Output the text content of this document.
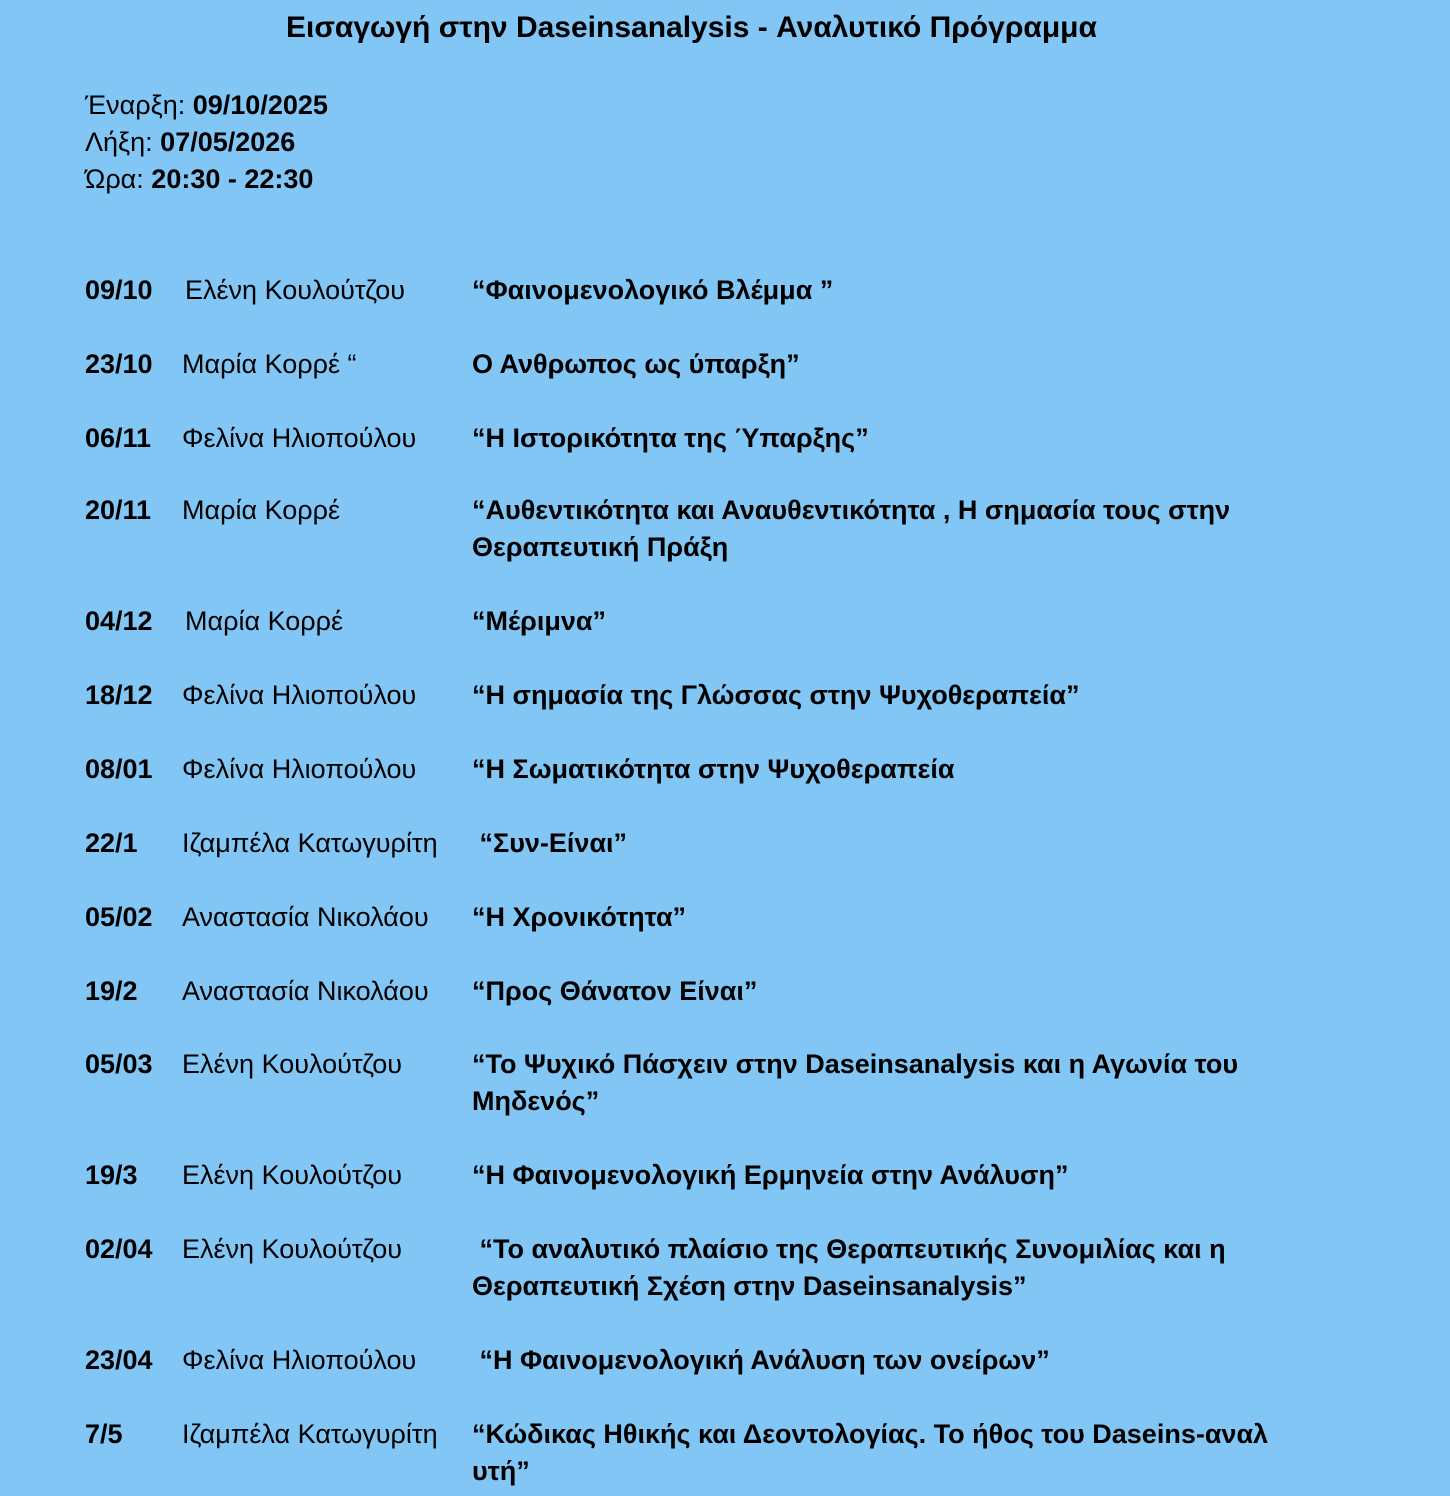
Εισαγωγή στην Daseinsanalysis - Αναλυτικό Πρόγραμμα
Έναρξη: 09/10/2025
Λήξη: 07/05/2026
Ώρα: 20:30 - 22:30
09/10 Ελένη Κουλούτζου “Φαινομενολογικό Βλέμμα ”
23/10 Μαρία Κορρέ “	Ο Ανθρωπος ως ύπαρξη”
06/11 Φελίνα Ηλιοπούλου “Η Ιστορικότητα της Ύπαρξης”
20/11 Μαρία Κορρέ	“Αυθεντικότητα και Αναυθεντικότητα , Η σημασία τους στην Θεραπευτική Πράξη
04/12 Μαρία Κορρέ	“Μέριμνα”
18/12 Φελίνα Ηλιοπούλου “Η σημασία της Γλώσσας στην Ψυχοθεραπεία”
08/01 Φελίνα Ηλιοπούλου “Η Σωματικότητα στην Ψυχοθεραπεία
22/1 Ιζαμπέλα Κατωγυρίτη “Συν-Είναι”
05/02 Αναστασία Νικολάου “Η Χρονικότητα”
19/2 Αναστασία Νικολάου “Προς Θάνατον Είναι”
05/03 Ελένη Κουλούτζου	“Το Ψυχικό Πάσχειν στην Daseinsanalysis και η Αγωνία του Μηδενός”
19/3 Ελένη Κουλούτζου	“Η Φαινομενολογική Ερμηνεία στην Ανάλυση”
02/04 Ελένη Κουλούτζου	“Το αναλυτικό πλαίσιο της Θεραπευτικής Συνομιλίας και η Θεραπευτική Σχέση στην Daseinsanalysis”
23/04 Φελίνα Ηλιοπούλου “Η Φαινομενολογική Ανάλυση των ονείρων”
7/5 Ιζαμπέλα Κατωγυρίτη “Κώδικας Ηθικής και Δεοντολογίας. Το ήθος του Daseins-αναλυτή”
